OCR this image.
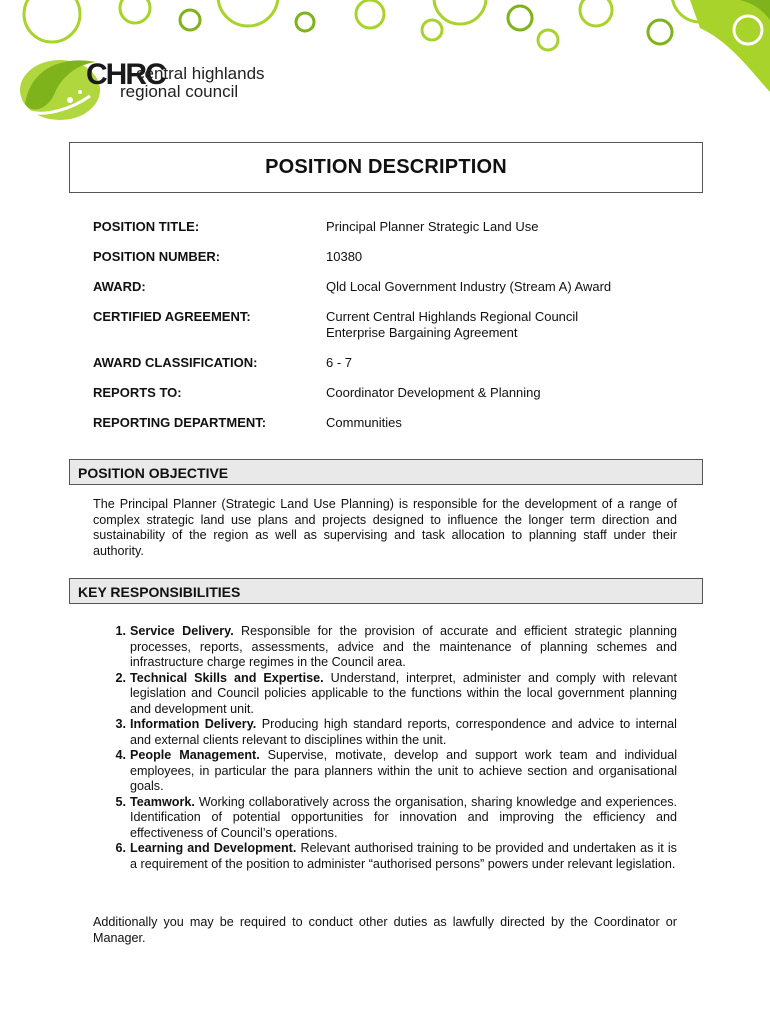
CHRC
central highlands
regional council
POSITION DESCRIPTION
POSITION TITLE:	Principal Planner Strategic Land Use
POSITION NUMBER:	10380
AWARD:	Qld Local Government Industry (Stream A) Award
CERTIFIED AGREEMENT:	Current Central Highlands Regional Council
Enterprise Bargaining Agreement
AWARD CLASSIFICATION:	6 - 7
REPORTS TO:	Coordinator Development & Planning
REPORTING DEPARTMENT:	Communities
POSITION OBJECTIVE
The Principal Planner (Strategic Land Use Planning) is responsible for the development of a range of complex strategic land use plans and projects designed to influence the longer term direction and sustainability of the region as well as supervising and task allocation to planning staff under their authority.
KEY RESPONSIBILITIES
1. Service Delivery. Responsible for the provision of accurate and efficient strategic planning processes, reports, assessments, advice and the maintenance of planning schemes and infrastructure charge regimes in the Council area.
2. Technical Skills and Expertise. Understand, interpret, administer and comply with relevant legislation and Council policies applicable to the functions within the local government planning and development unit.
3. Information Delivery. Producing high standard reports, correspondence and advice to internal and external clients relevant to disciplines within the unit.
4. People Management. Supervise, motivate, develop and support work team and individual employees, in particular the para planners within the unit to achieve section and organisational goals.
5. Teamwork. Working collaboratively across the organisation, sharing knowledge and experiences. Identification of potential opportunities for innovation and improving the efficiency and effectiveness of Council’s operations.
6. Learning and Development. Relevant authorised training to be provided and undertaken as it is a requirement of the position to administer “authorised persons” powers under relevant legislation.
Additionally you may be required to conduct other duties as lawfully directed by the Coordinator or Manager.
